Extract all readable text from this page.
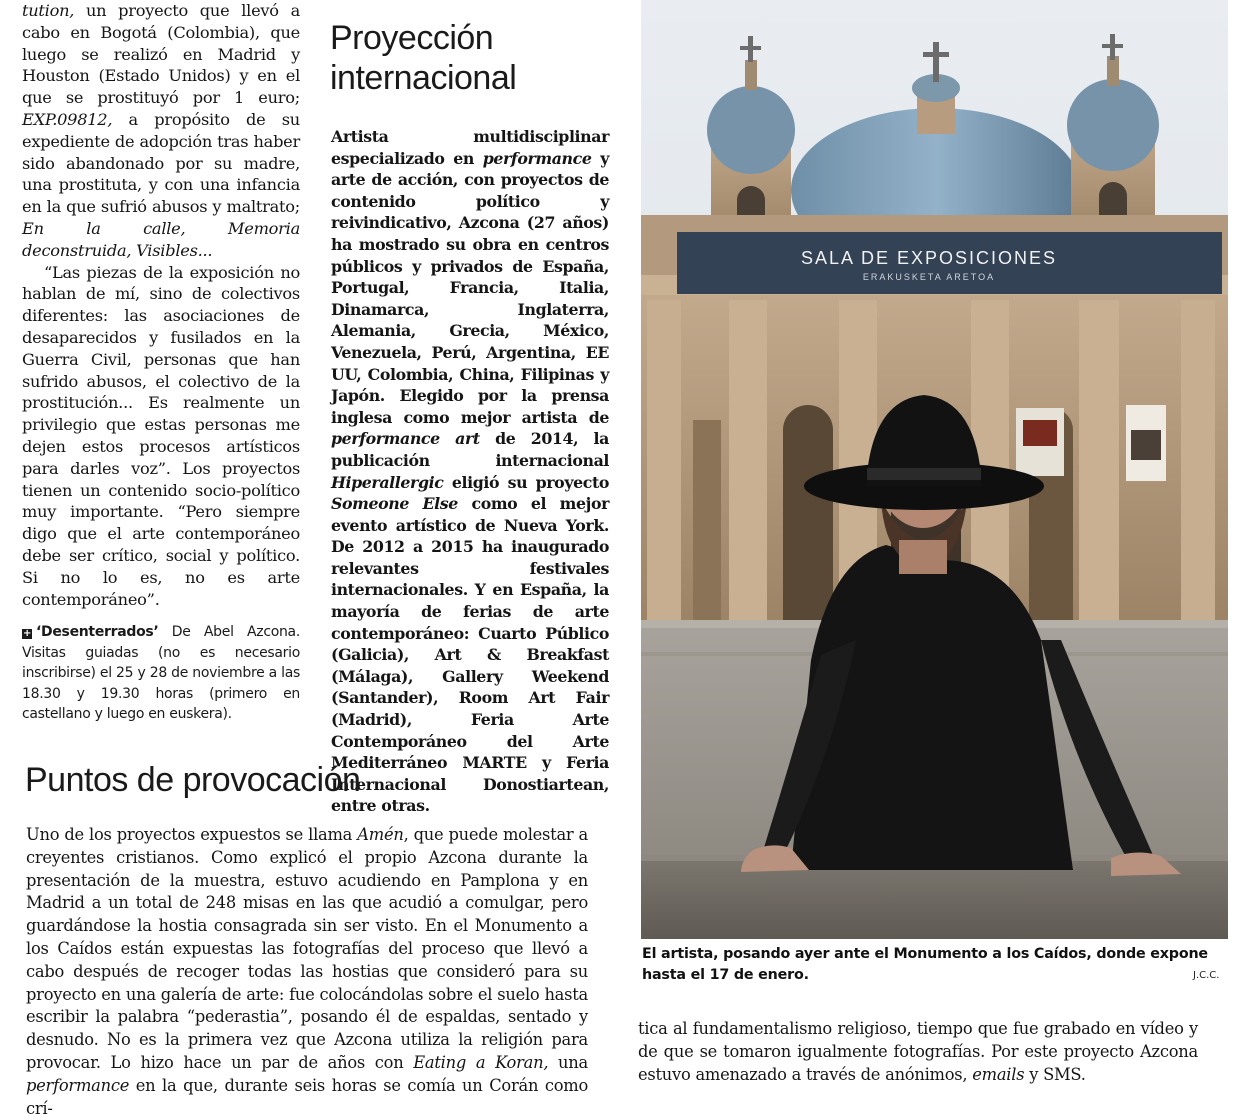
tution, un proyecto que llevó a cabo en Bogotá (Colombia), que luego se realizó en Madrid y Houston (Estado Unidos) y en el que se prostituyó por 1 euro; EXP.09812, a propósito de su expediente de adopción tras haber sido abandonado por su madre, una prostituta, y con una infancia en la que sufrió abusos y maltrato; En la calle, Memoria deconstruida, Visibles...

“Las piezas de la exposición no hablan de mí, sino de colectivos diferentes: las asociaciones de desaparecidos y fusilados en la Guerra Civil, personas que han sufrido abusos, el colectivo de la prostitución... Es realmente un privilegio que estas personas me dejen estos procesos artísticos para darles voz”. Los proyectos tienen un contenido socio-político muy importante. “Pero siempre digo que el arte contemporáneo debe ser crítico, social y político. Si no lo es, no es arte contemporáneo”.

+ ‘Desenterrados’ De Abel Azcona. Visitas guiadas (no es necesario inscribirse) el 25 y 28 de noviembre a las 18.30 y 19.30 horas (primero en castellano y luego en euskera).
Proyección internacional

Artista multidisciplinar especializado en performance y arte de acción, con proyectos de contenido político y reivindicativo, Azcona (27 años) ha mostrado su obra en centros públicos y privados de España, Portugal, Francia, Italia, Dinamarca, Inglaterra, Alemania, Grecia, México, Venezuela, Perú, Argentina, EE UU, Colombia, China, Filipinas y Japón. Elegido por la prensa inglesa como mejor artista de performance art de 2014, la publicación internacional Hiperallergic eligió su proyecto Someone Else como el mejor evento artístico de Nueva York. De 2012 a 2015 ha inaugurado relevantes festivales internacionales. Y en España, la mayoría de ferias de arte contemporáneo: Cuarto Público (Galicia), Art & Breakfast (Málaga), Gallery Weekend (Santander), Room Art Fair (Madrid), Feria Arte Contemporáneo del Arte Mediterráneo MARTE y Feria Internacional Donostiartean, entre otras.

Puntos de provocación

Uno de los proyectos expuestos se llama Amén, que puede molestar a creyentes cristianos. Como explicó el propio Azcona durante la presentación de la muestra, estuvo acudiendo en Pamplona y en Madrid a un total de 248 misas en las que acudió a comulgar, pero guardándose la hostia consagrada sin ser visto. En el Monumento a los Caídos están expuestas las fotografías del proceso que llevó a cabo después de recoger todas las hostias que consideró para su proyecto en una galería de arte: fue colocándolas sobre el suelo hasta escribir la palabra “pederastia”, posando él de espaldas, sentado y desnudo. No es la primera vez que Azcona utiliza la religión para provocar. Lo hizo hace un par de años con Eating a Koran, una performance en la que, durante seis horas se comía un Corán como crí-

tica al fundamentalismo religioso, tiempo que fue grabado en vídeo y de que se tomaron igualmente fotografías. Por este proyecto Azcona estuvo amenazado a través de anónimos, emails y SMS.

SALA DE EXPOSICIONES
ERAKUSKETA ARETOA
El artista, posando ayer ante el Monumento a los Caídos, donde expone hasta el 17 de enero.	J.C.C.
